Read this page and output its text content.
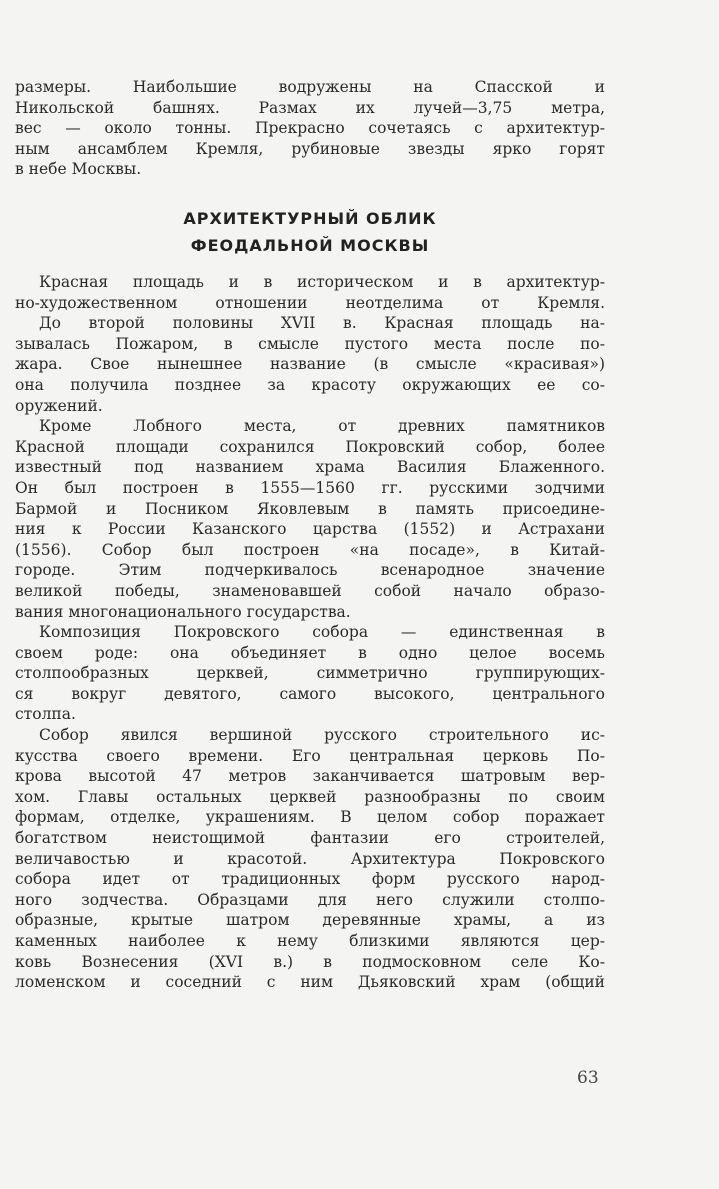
размеры. Наибольшие водружены на Спасской и
Никольской башнях. Размах их лучей—3,75 метра,
вес — около тонны. Прекрасно сочетаясь с архитектур-
ным ансамблем Кремля, рубиновые звезды ярко горят
в небе Москвы.
АРХИТЕКТУРНЫЙ ОБЛИК
ФЕОДАЛЬНОЙ МОСКВЫ
Красная площадь и в историческом и в архитектур-
но-художественном отношении неотделима от Кремля.
До второй половины XVII в. Красная площадь на-
зывалась Пожаром, в смысле пустого места после по-
жара. Свое нынешнее название (в смысле «красивая»)
она получила позднее за красоту окружающих ее со-
оружений.
Кроме Лобного места, от древних памятников
Красной площади сохранился Покровский собор, более
известный под названием храма Василия Блаженного.
Он был построен в 1555—1560 гг. русскими зодчими
Бармой и Посником Яковлевым в память присоедине-
ния к России Казанского царства (1552) и Астрахани
(1556). Собор был построен «на посаде», в Китай-
городе. Этим подчеркивалось всенародное значение
великой победы, знаменовавшей собой начало образо-
вания многонационального государства.
Композиция Покровского собора — единственная в
своем роде: она объединяет в одно целое восемь
столпообразных церквей, симметрично группирующих-
ся вокруг девятого, самого высокого, центрального
столпа.
Собор явился вершиной русского строительного ис-
кусства своего времени. Его центральная церковь По-
крова высотой 47 метров заканчивается шатровым вер-
хом. Главы остальных церквей разнообразны по своим
формам, отделке, украшениям. В целом собор поражает
богатством неистощимой фантазии его строителей,
величавостью и красотой. Архитектура Покровского
собора идет от традиционных форм русского народ-
ного зодчества. Образцами для него служили столпо-
образные, крытые шатром деревянные храмы, а из
каменных наиболее к нему близкими являются цер-
ковь Вознесения (XVI в.) в подмосковном селе Ко-
ломенском и соседний с ним Дьяковский храм (общий
63
